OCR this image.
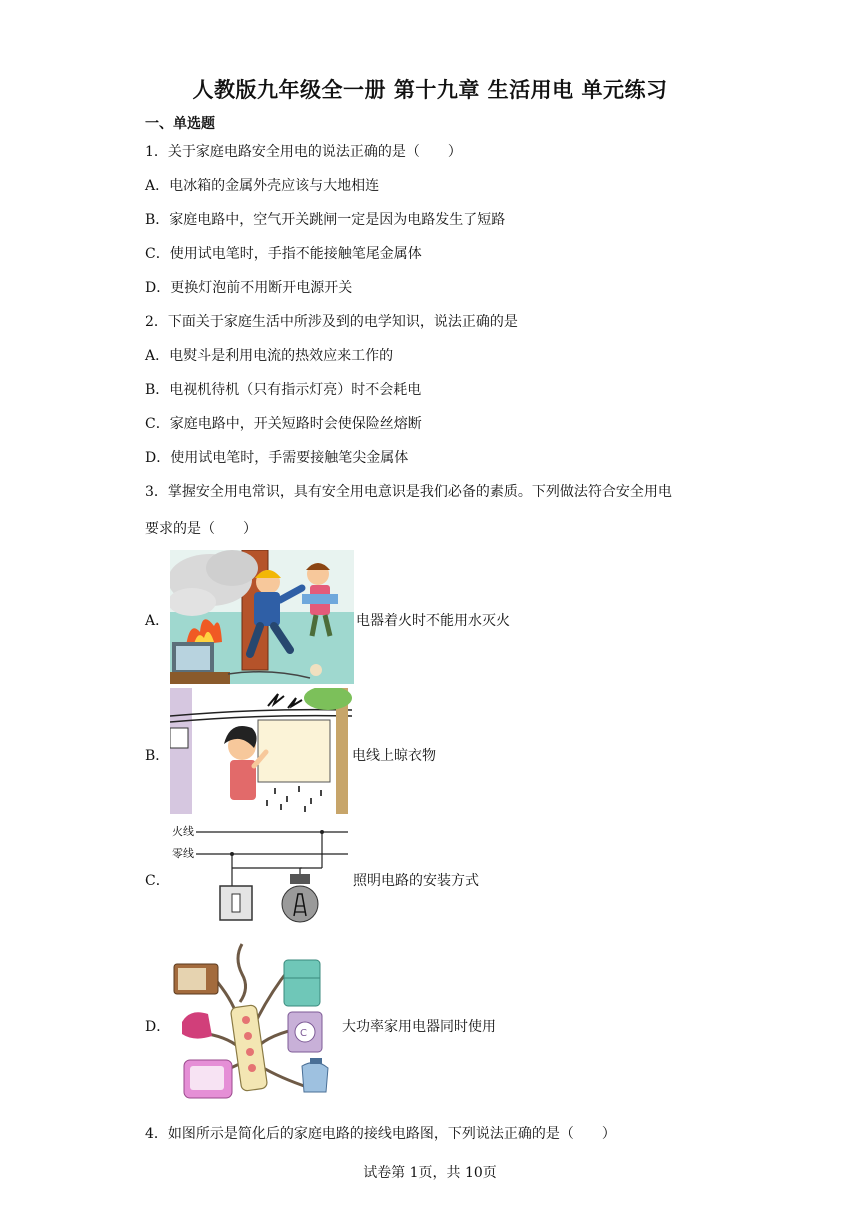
人教版九年级全一册 第十九章 生活用电 单元练习
一、单选题
1．关于家庭电路安全用电的说法正确的是（　　）
A．电冰箱的金属外壳应该与大地相连
B．家庭电路中，空气开关跳闸一定是因为电路发生了短路
C．使用试电笔时，手指不能接触笔尾金属体
D．更换灯泡前不用断开电源开关
2．下面关于家庭生活中所涉及到的电学知识，说法正确的是
A．电熨斗是利用电流的热效应来工作的
B．电视机待机（只有指示灯亮）时不会耗电
C．家庭电路中，开关短路时会使保险丝熔断
D．使用试电笔时，手需要接触笔尖金属体
3．掌握安全用电常识，具有安全用电意识是我们必备的素质。下列做法符合安全用电
要求的是（　　）
A．	电器着火时不能用水灭火
B．	电线上晾衣物
C．
火线
零线
照明电路的安装方式
D．	C	大功率家用电器同时使用
4．如图所示是简化后的家庭电路的接线电路图，下列说法正确的是（　　）
试卷第 1页，共 10页
